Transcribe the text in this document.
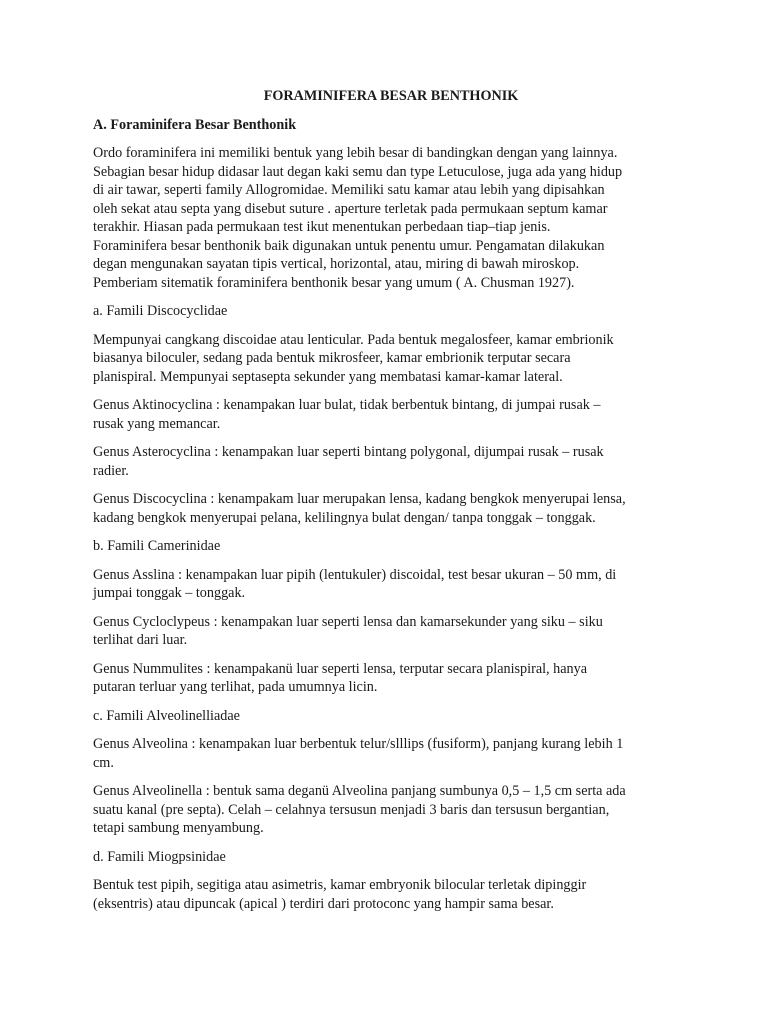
FORAMINIFERA BESAR BENTHONIK

A. Foraminifera Besar Benthonik

Ordo foraminifera ini memiliki bentuk yang lebih besar di bandingkan dengan yang lainnya.
Sebagian besar hidup didasar laut degan kaki semu dan type Letuculose, juga ada yang hidup
di air tawar, seperti family Allogromidae. Memiliki satu kamar atau lebih yang dipisahkan
oleh sekat atau septa yang disebut suture . aperture terletak pada permukaan septum kamar
terakhir. Hiasan pada permukaan test ikut menentukan perbedaan tiap–tiap jenis.
Foraminifera besar benthonik baik digunakan untuk penentu umur. Pengamatan dilakukan
degan mengunakan sayatan tipis vertical, horizontal, atau, miring di bawah miroskop.
Pemberiam sitematik foraminifera benthonik besar yang umum ( A. Chusman 1927).

a. Famili Discocyclidae

Mempunyai cangkang discoidae atau lenticular. Pada bentuk megalosfeer, kamar embrionik
biasanya biloculer, sedang pada bentuk mikrosfeer, kamar embrionik terputar secara
planispiral. Mempunyai septasepta sekunder yang membatasi kamar-kamar lateral.

Genus Aktinocyclina : kenampakan luar bulat, tidak berbentuk bintang, di jumpai rusak –
rusak yang memancar.

Genus Asterocyclina : kenampakan luar seperti bintang polygonal, dijumpai rusak – rusak
radier.

Genus Discocyclina : kenampakam luar merupakan lensa, kadang bengkok menyerupai lensa,
kadang bengkok menyerupai pelana, kelilingnya bulat dengan/ tanpa tonggak – tonggak.

b. Famili Camerinidae

Genus Asslina : kenampakan luar pipih (lentukuler) discoidal, test besar ukuran – 50 mm, di
jumpai tonggak – tonggak.

Genus Cycloclypeus : kenampakan luar seperti lensa dan kamarsekunder yang siku – siku
terlihat dari luar.

Genus Nummulites : kenampakanü luar seperti lensa, terputar secara planispiral, hanya
putaran terluar yang terlihat, pada umumnya licin.

c. Famili Alveolinelliadae

Genus Alveolina : kenampakan luar berbentuk telur/slllips (fusiform), panjang kurang lebih 1
cm.

Genus Alveolinella : bentuk sama deganü Alveolina panjang sumbunya 0,5 – 1,5 cm serta ada
suatu kanal (pre septa). Celah – celahnya tersusun menjadi 3 baris dan tersusun bergantian,
tetapi sambung menyambung.

d. Famili Miogpsinidae

Bentuk test pipih, segitiga atau asimetris, kamar embryonik bilocular terletak dipinggir
(eksentris) atau dipuncak (apical ) terdiri dari protoconc yang hampir sama besar.
